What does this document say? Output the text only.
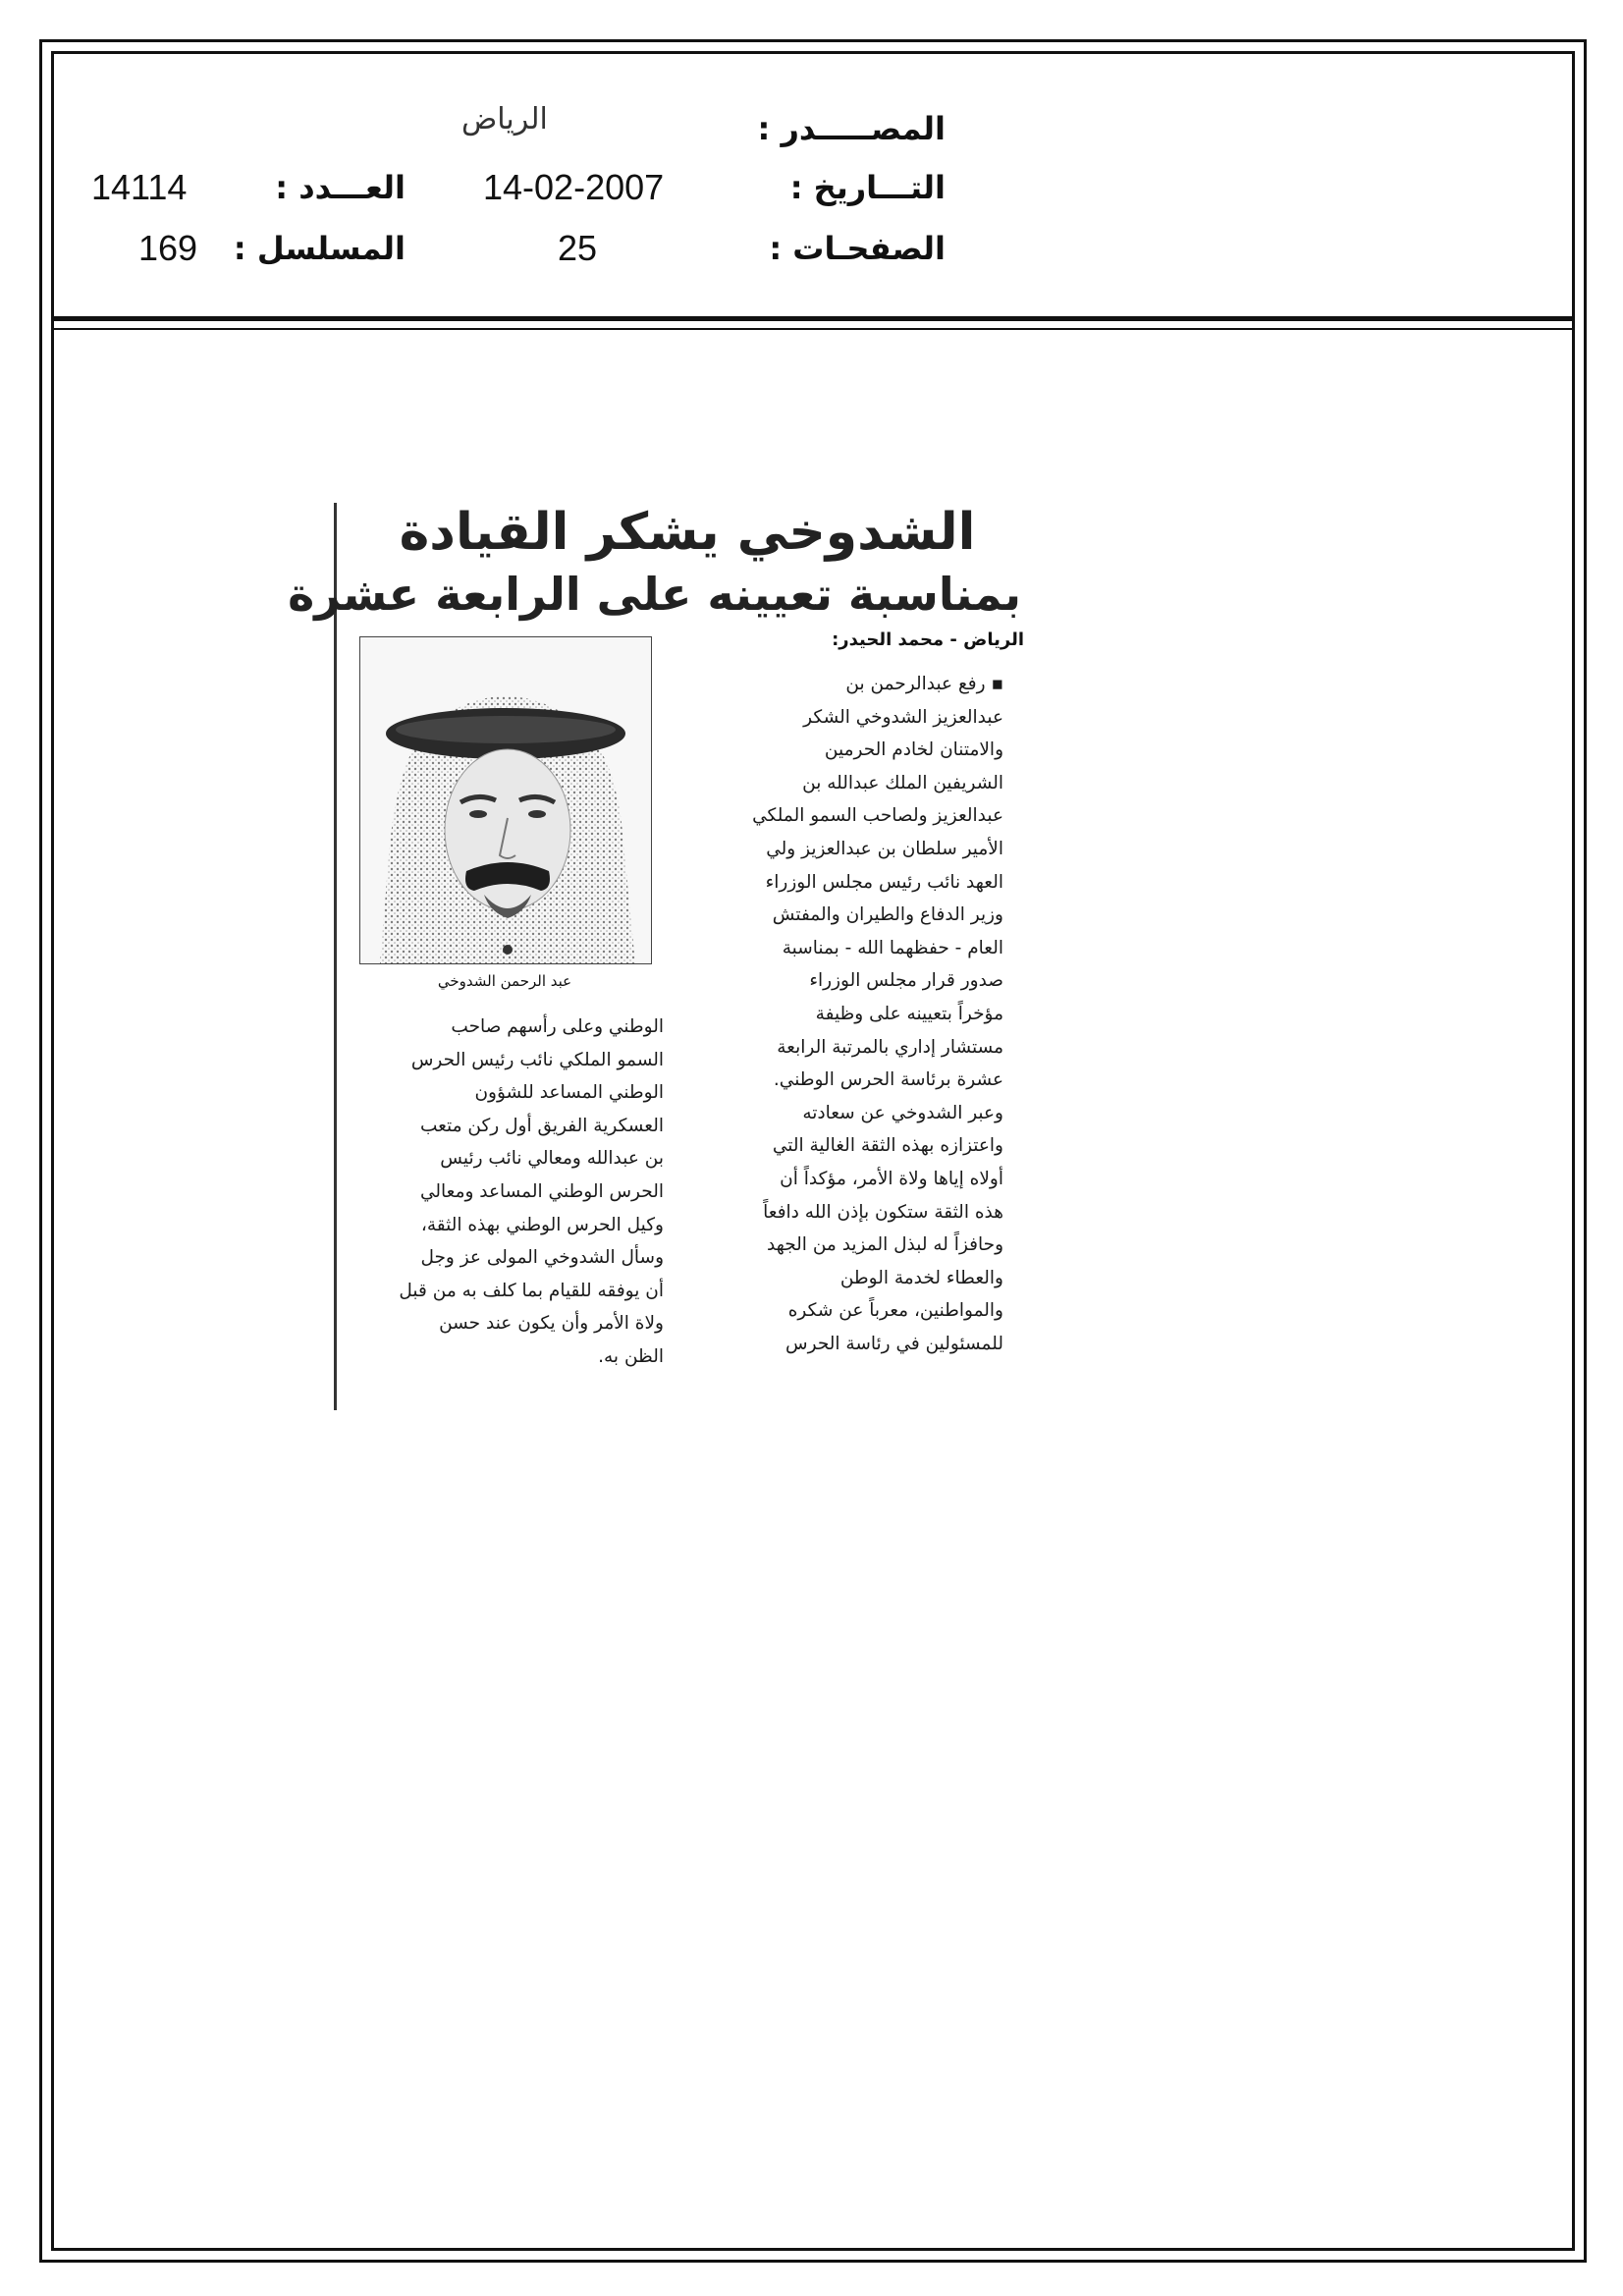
المصـــــدر :
الرياض
التـــاريخ :
14-02-2007
العـــدد :
14114
الصفحـات :
25
المسلسل :
169
الشدوخي يشكر القيادة
بمناسبة تعيينه على الرابعة عشرة
الرياض - محمد الحيدر:
عبد الرحمن الشدوخي
▪ رفع عبدالرحمن بن
عبدالعزيز الشدوخي الشكر
والامتنان لخادم الحرمين
الشريفين الملك عبدالله بن
عبدالعزيز ولصاحب السمو الملكي
الأمير سلطان بن عبدالعزيز ولي
العهد نائب رئيس مجلس الوزراء
وزير الدفاع والطيران والمفتش
العام - حفظهما الله - بمناسبة
صدور قرار مجلس الوزراء
مؤخراً بتعيينه على وظيفة
مستشار إداري بالمرتبة الرابعة
عشرة برئاسة الحرس الوطني.
وعبر الشدوخي عن سعادته
واعتزازه بهذه الثقة الغالية التي
أولاه إياها ولاة الأمر، مؤكداً أن
هذه الثقة ستكون بإذن الله دافعاً
وحافزاً له لبذل المزيد من الجهد
والعطاء لخدمة الوطن
والمواطنين، معرباً عن شكره
للمسئولين في رئاسة الحرس
الوطني وعلى رأسهم صاحب
السمو الملكي نائب رئيس الحرس
الوطني المساعد للشؤون
العسكرية الفريق أول ركن متعب
بن عبدالله ومعالي نائب رئيس
الحرس الوطني المساعد ومعالي
وكيل الحرس الوطني بهذه الثقة،
وسأل الشدوخي المولى عز وجل
أن يوفقه للقيام بما كلف به من قبل
ولاة الأمر وأن يكون عند حسن
الظن به.
